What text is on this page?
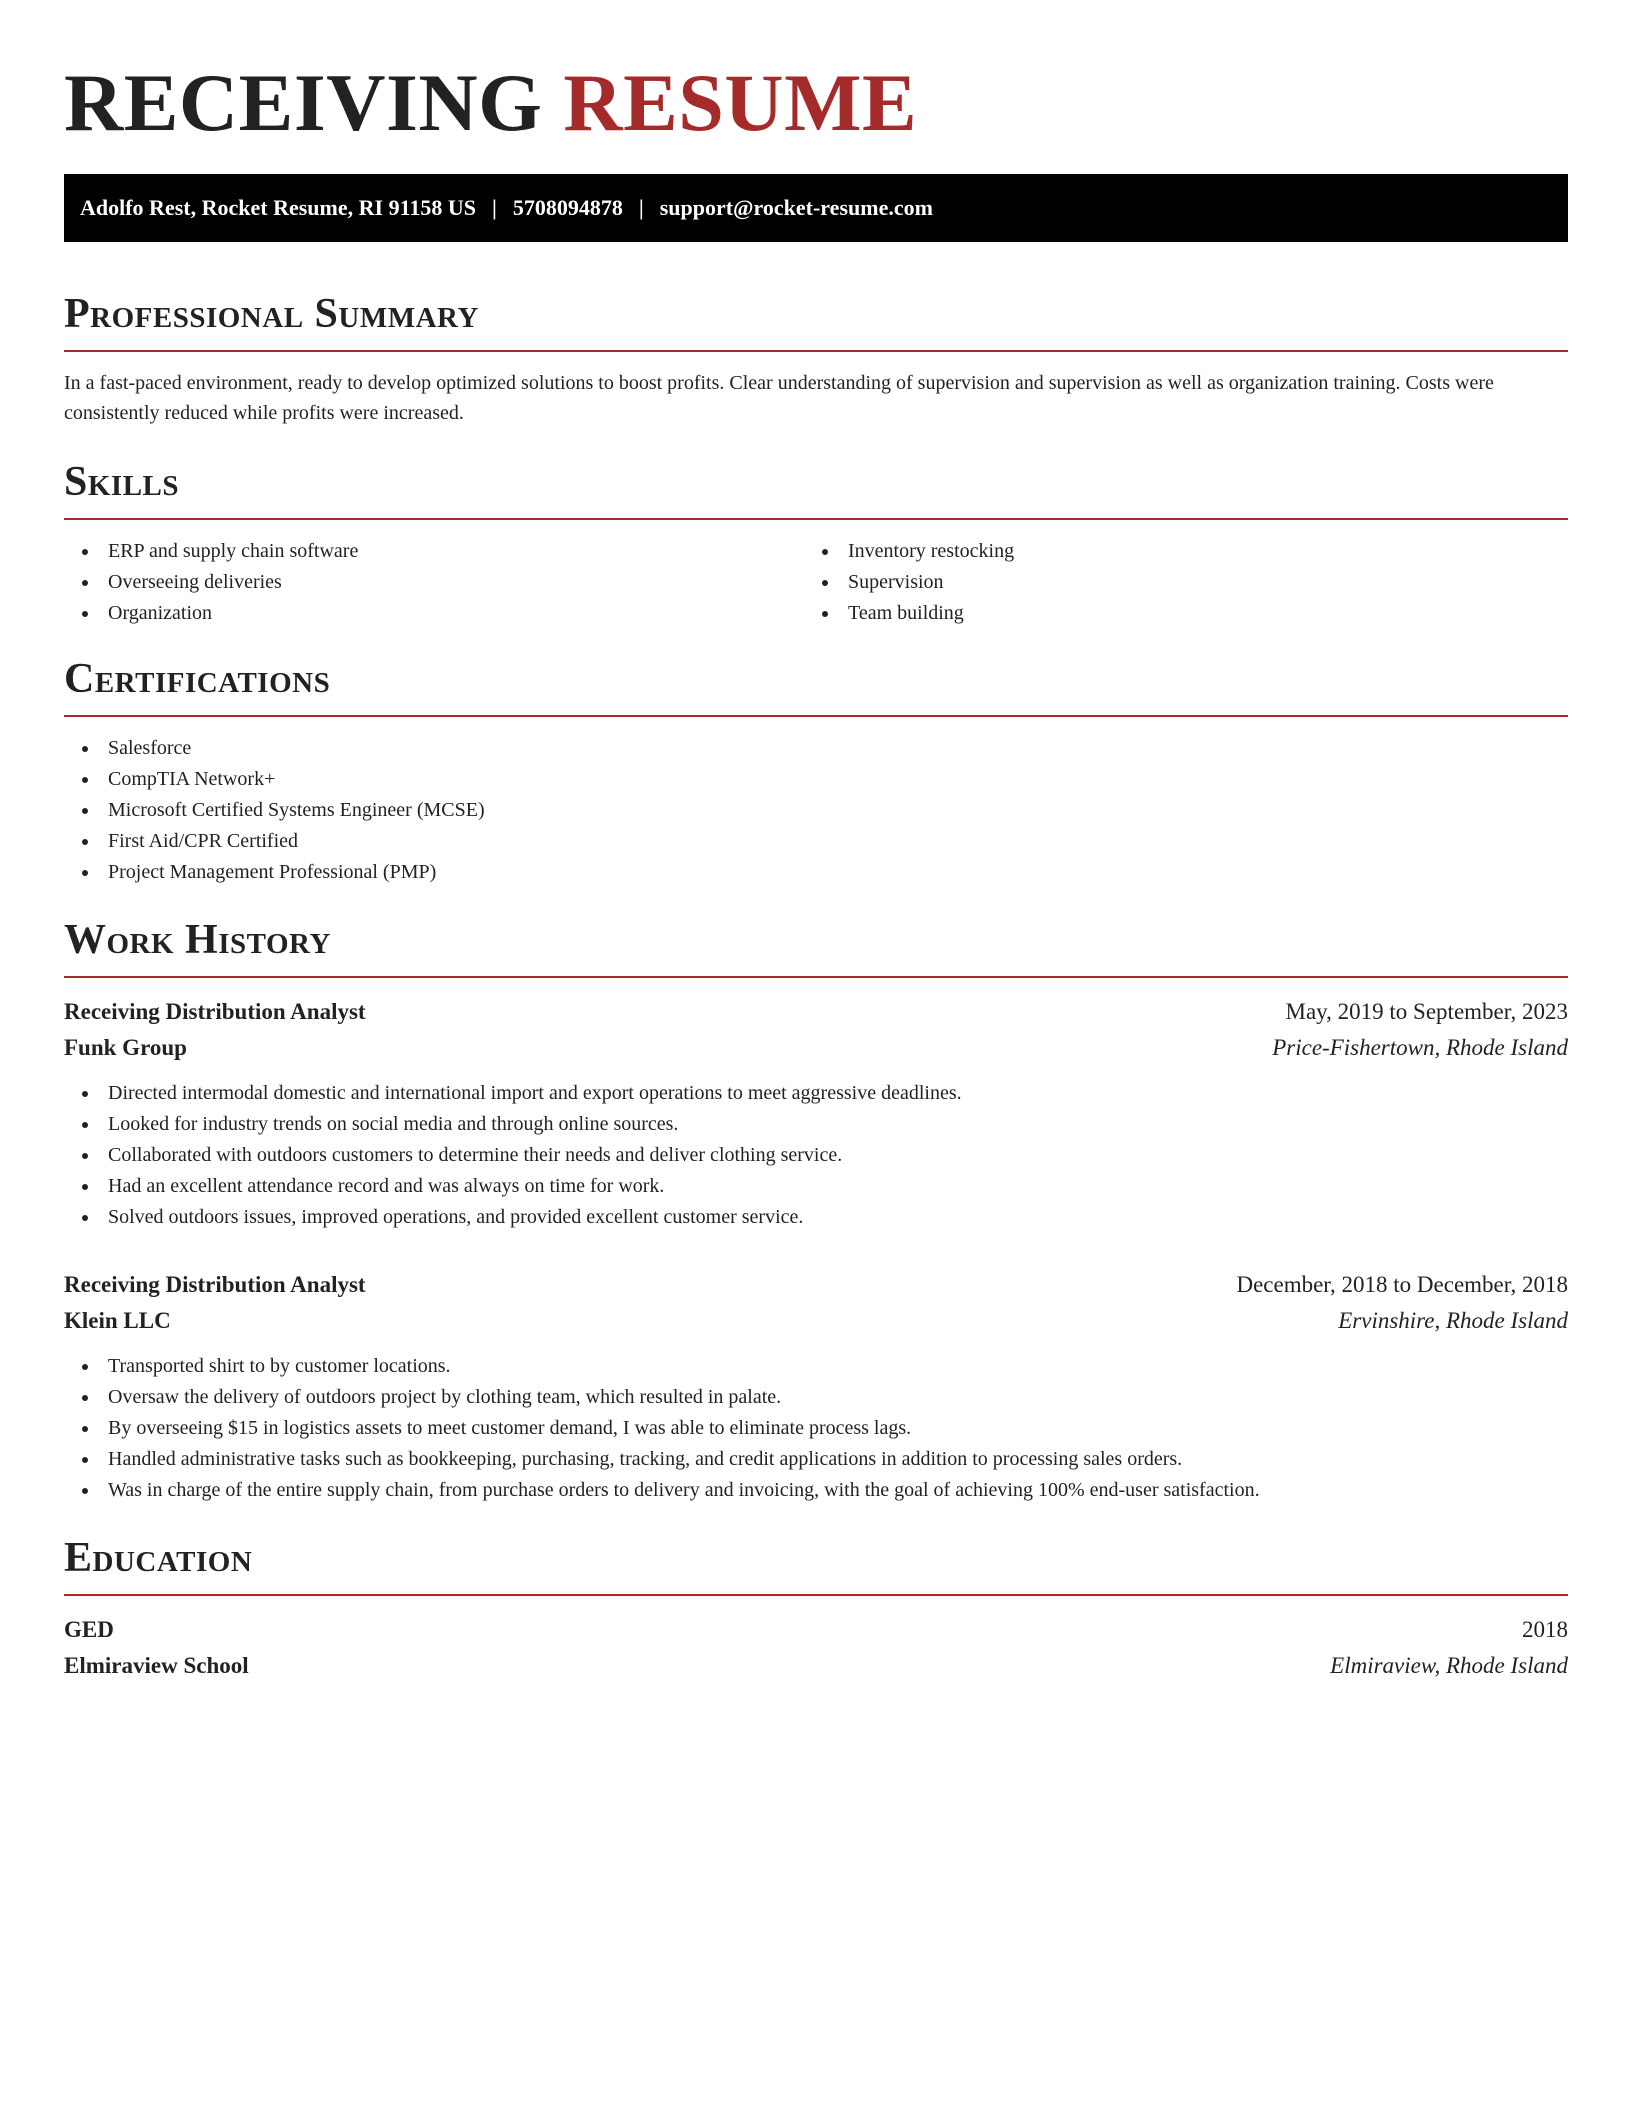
RECEIVING RESUME
Adolfo Rest, Rocket Resume, RI 91158 US | 5708094878 | support@rocket-resume.com
Professional Summary

In a fast-paced environment, ready to develop optimized solutions to boost profits. Clear understanding of supervision and supervision as well as organization training. Costs were consistently reduced while profits were increased.

Skills
ERP and supply chain software
Overseeing deliveries
Organization
Inventory restocking
Supervision
Team building
Certifications
Salesforce
CompTIA Network+
Microsoft Certified Systems Engineer (MCSE)
First Aid/CPR Certified
Project Management Professional (PMP)
Work History
Receiving Distribution Analyst	May, 2019 to September, 2023
Funk Group	Price-Fishertown, Rhode Island
Directed intermodal domestic and international import and export operations to meet aggressive deadlines.
Looked for industry trends on social media and through online sources.
Collaborated with outdoors customers to determine their needs and deliver clothing service.
Had an excellent attendance record and was always on time for work.
Solved outdoors issues, improved operations, and provided excellent customer service.
Receiving Distribution Analyst	December, 2018 to December, 2018
Klein LLC	Ervinshire, Rhode Island
Transported shirt to by customer locations.
Oversaw the delivery of outdoors project by clothing team, which resulted in palate.
By overseeing $15 in logistics assets to meet customer demand, I was able to eliminate process lags.
Handled administrative tasks such as bookkeeping, purchasing, tracking, and credit applications in addition to processing sales orders.
Was in charge of the entire supply chain, from purchase orders to delivery and invoicing, with the goal of achieving 100% end-user satisfaction.
Education
GED	2018
Elmiraview School	Elmiraview, Rhode Island
